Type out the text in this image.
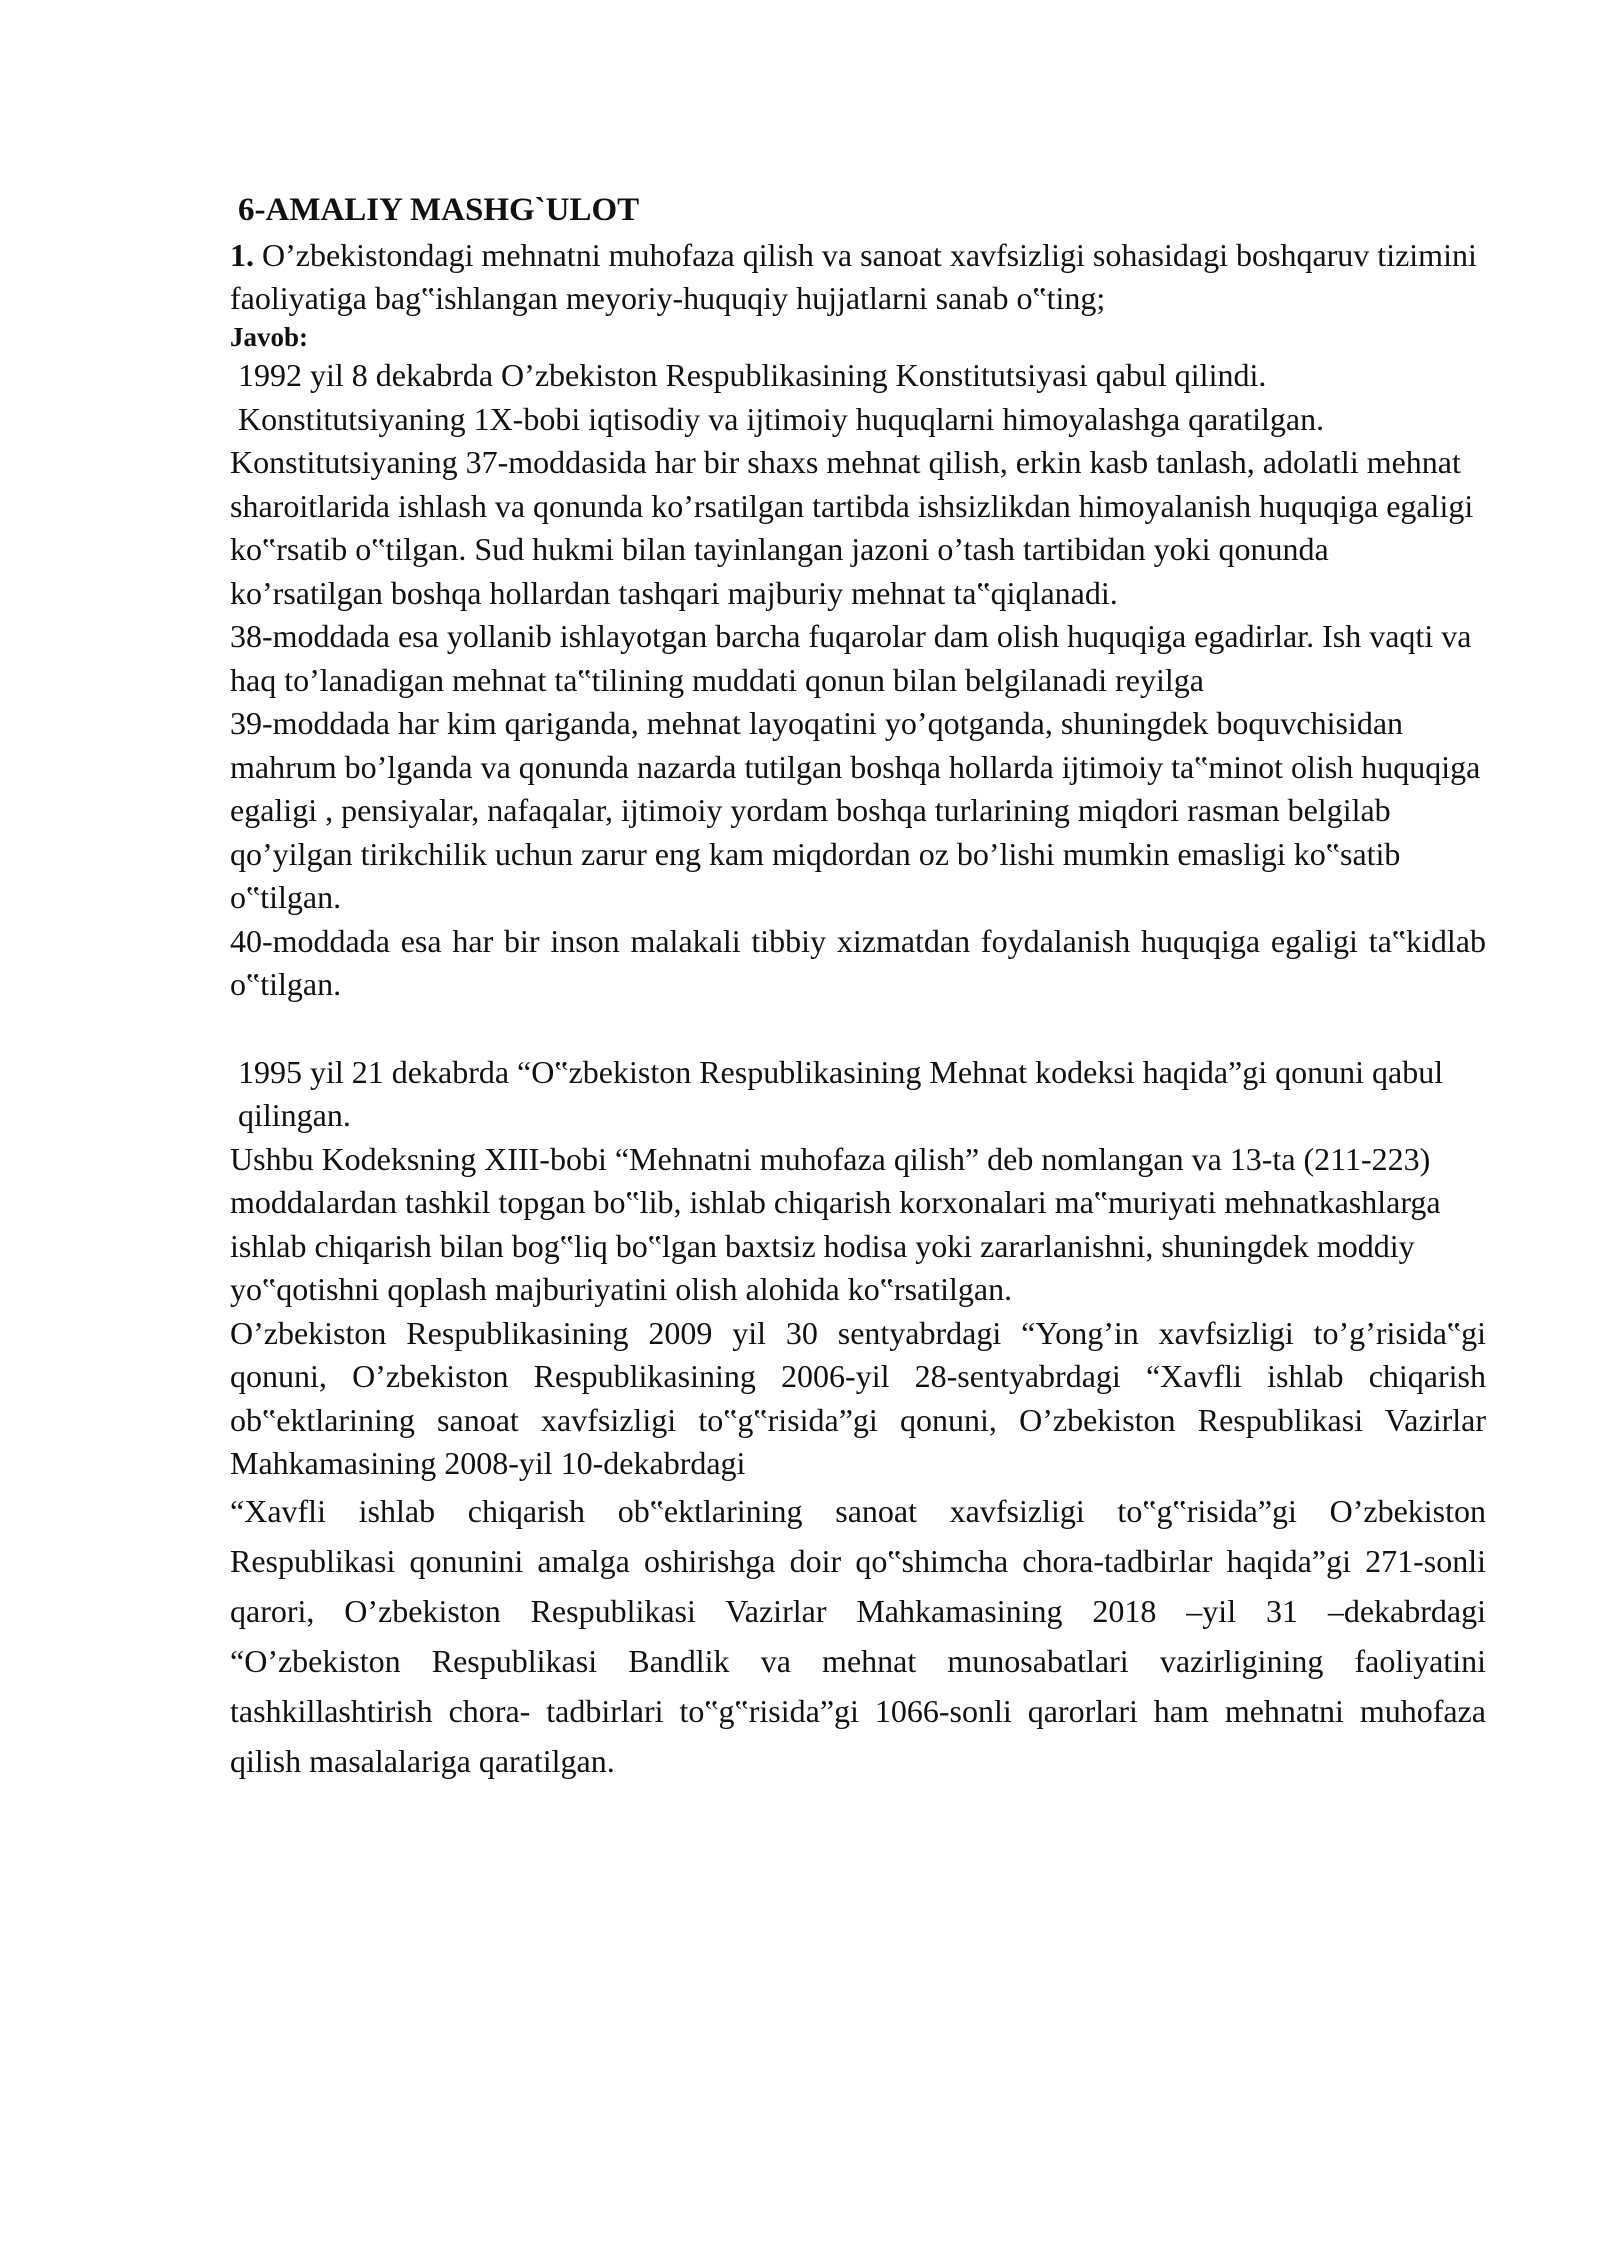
6-AMALIY MASHG`ULOT

1. O’zbekistondagi mehnatni muhofaza qilish va sanoat xavfsizligi sohasidagi boshqaruv tizimini faoliyatiga bag‟ishlangan meyoriy-huquqiy hujjatlarni sanab o‟ting;

Javob:

1992 yil 8 dekabrda O’zbekiston Respublikasining Konstitutsiyasi qabul qilindi. Konstitutsiyaning 1X-bobi iqtisodiy va ijtimoiy huquqlarni himoyalashga qaratilgan.

Konstitutsiyaning 37-moddasida har bir shaxs mehnat qilish, erkin kasb tanlash, adolatli mehnat sharoitlarida ishlash va qonunda ko’rsatilgan tartibda ishsizlikdan himoyalanish huquqiga egaligi ko‟rsatib o‟tilgan. Sud hukmi bilan tayinlangan jazoni o’tash tartibidan yoki qonunda ko’rsatilgan boshqa hollardan tashqari majburiy mehnat ta‟qiqlanadi.

38-moddada esa yollanib ishlayotgan barcha fuqarolar dam olish huquqiga egadirlar. Ish vaqti va haq to’lanadigan mehnat ta‟tilining muddati qonun bilan belgilanadi reyilga

39-moddada har kim qariganda, mehnat layoqatini yo’qotganda, shuningdek boquvchisidan mahrum bo’lganda va qonunda nazarda tutilgan boshqa hollarda ijtimoiy ta‟minot olish huquqiga egaligi , pensiyalar, nafaqalar, ijtimoiy yordam boshqa turlarining miqdori rasman belgilab qo’yilgan tirikchilik uchun zarur eng kam miqdordan oz bo’lishi mumkin emasligi ko‟satib o‟tilgan.

40-moddada esa har bir inson malakali tibbiy xizmatdan foydalanish huquqiga egaligi ta‟kidlab o‟tilgan.

1995 yil 21 dekabrda “O‟zbekiston Respublikasining Mehnat kodeksi haqida”gi qonuni qabul qilingan.

Ushbu Kodeksning XIII-bobi “Mehnatni muhofaza qilish” deb nomlangan va 13-ta (211-223) moddalardan tashkil topgan bo‟lib, ishlab chiqarish korxonalari ma‟muriyati mehnatkashlarga ishlab chiqarish bilan bog‟liq bo‟lgan baxtsiz hodisa yoki zararlanishni, shuningdek moddiy yo‟qotishni qoplash majburiyatini olish alohida ko‟rsatilgan.

O’zbekiston Respublikasining 2009 yil 30 sentyabrdagi “Yong’in xavfsizligi to’g’risida‟gi qonuni, O’zbekiston Respublikasining 2006-yil 28-sentyabrdagi “Xavfli ishlab chiqarish ob‟ektlarining sanoat xavfsizligi to‟g‟risida”gi qonuni, O’zbekiston Respublikasi Vazirlar Mahkamasining 2008-yil 10-dekabrdagi

“Xavfli ishlab chiqarish ob‟ektlarining sanoat xavfsizligi to‟g‟risida”gi O’zbekiston Respublikasi qonunini amalga oshirishga doir qo‟shimcha chora-tadbirlar haqida”gi 271-sonli qarori, O’zbekiston Respublikasi Vazirlar Mahkamasining 2018 –yil 31 –dekabrdagi “O’zbekiston Respublikasi Bandlik va mehnat munosabatlari vazirligining faoliyatini tashkillashtirish chora- tadbirlari to‟g‟risida”gi 1066-sonli qarorlari ham mehnatni muhofaza qilish masalalariga qaratilgan.
